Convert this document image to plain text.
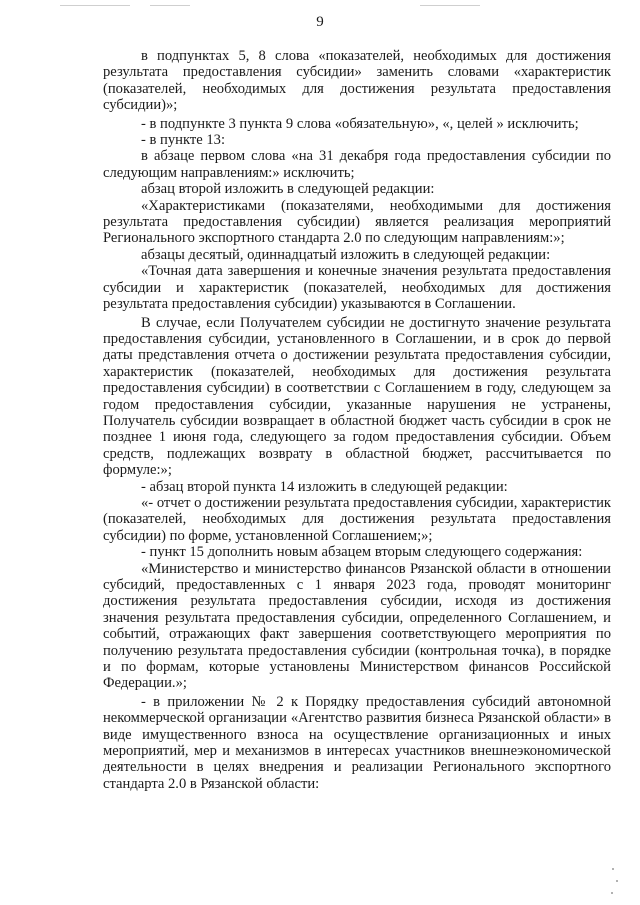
9

в подпунктах 5, 8 слова «показателей, необходимых для достижения результата предоставления субсидии» заменить словами «характеристик (показателей, необходимых для достижения результата предоставления субсидии)»;

- в подпункте 3 пункта 9 слова «обязательную», «, целей » исключить;

- в пункте 13:

в абзаце первом слова «на 31 декабря года предоставления субсидии по следующим направлениям:» исключить;

абзац второй изложить в следующей редакции:

«Характеристиками (показателями, необходимыми для достижения результата предоставления субсидии) является реализация мероприятий Регионального экспортного стандарта 2.0 по следующим направлениям:»;

абзацы десятый, одиннадцатый изложить в следующей редакции:

«Точная дата завершения и конечные значения результата предоставления субсидии и характеристик (показателей, необходимых для достижения результата предоставления субсидии) указываются в Соглашении.

В случае, если Получателем субсидии не достигнуто значение результата предоставления субсидии, установленного в Соглашении, и в срок до первой даты представления отчета о достижении результата предоставления субсидии, характеристик (показателей, необходимых для достижения результата предоставления субсидии) в соответствии с Соглашением в году, следующем за годом предоставления субсидии, указанные нарушения не устранены, Получатель субсидии возвращает в областной бюджет часть субсидии в срок не позднее 1 июня года, следующего за годом предоставления субсидии. Объем средств, подлежащих возврату в областной бюджет, рассчитывается по формуле:»;

- абзац второй пункта 14 изложить в следующей редакции:

«- отчет о достижении результата предоставления субсидии, характеристик (показателей, необходимых для достижения результата предоставления субсидии) по форме, установленной Соглашением;»;

- пункт 15 дополнить новым абзацем вторым следующего содержания:

«Министерство и министерство финансов Рязанской области в отношении субсидий, предоставленных с 1 января 2023 года, проводят мониторинг достижения результата предоставления субсидии, исходя из достижения значения результата предоставления субсидии, определенного Соглашением, и событий, отражающих факт завершения соответствующего мероприятия по получению результата предоставления субсидии (контрольная точка), в порядке и по формам, которые установлены Министерством финансов Российской Федерации.»;

- в приложении № 2 к Порядку предоставления субсидий автономной некоммерческой организации «Агентство развития бизнеса Рязанской области» в виде имущественного взноса на осуществление организационных и иных мероприятий, мер и механизмов в интересах участников внешнеэкономической деятельности в целях внедрения и реализации Регионального экспортного стандарта 2.0 в Рязанской области:
